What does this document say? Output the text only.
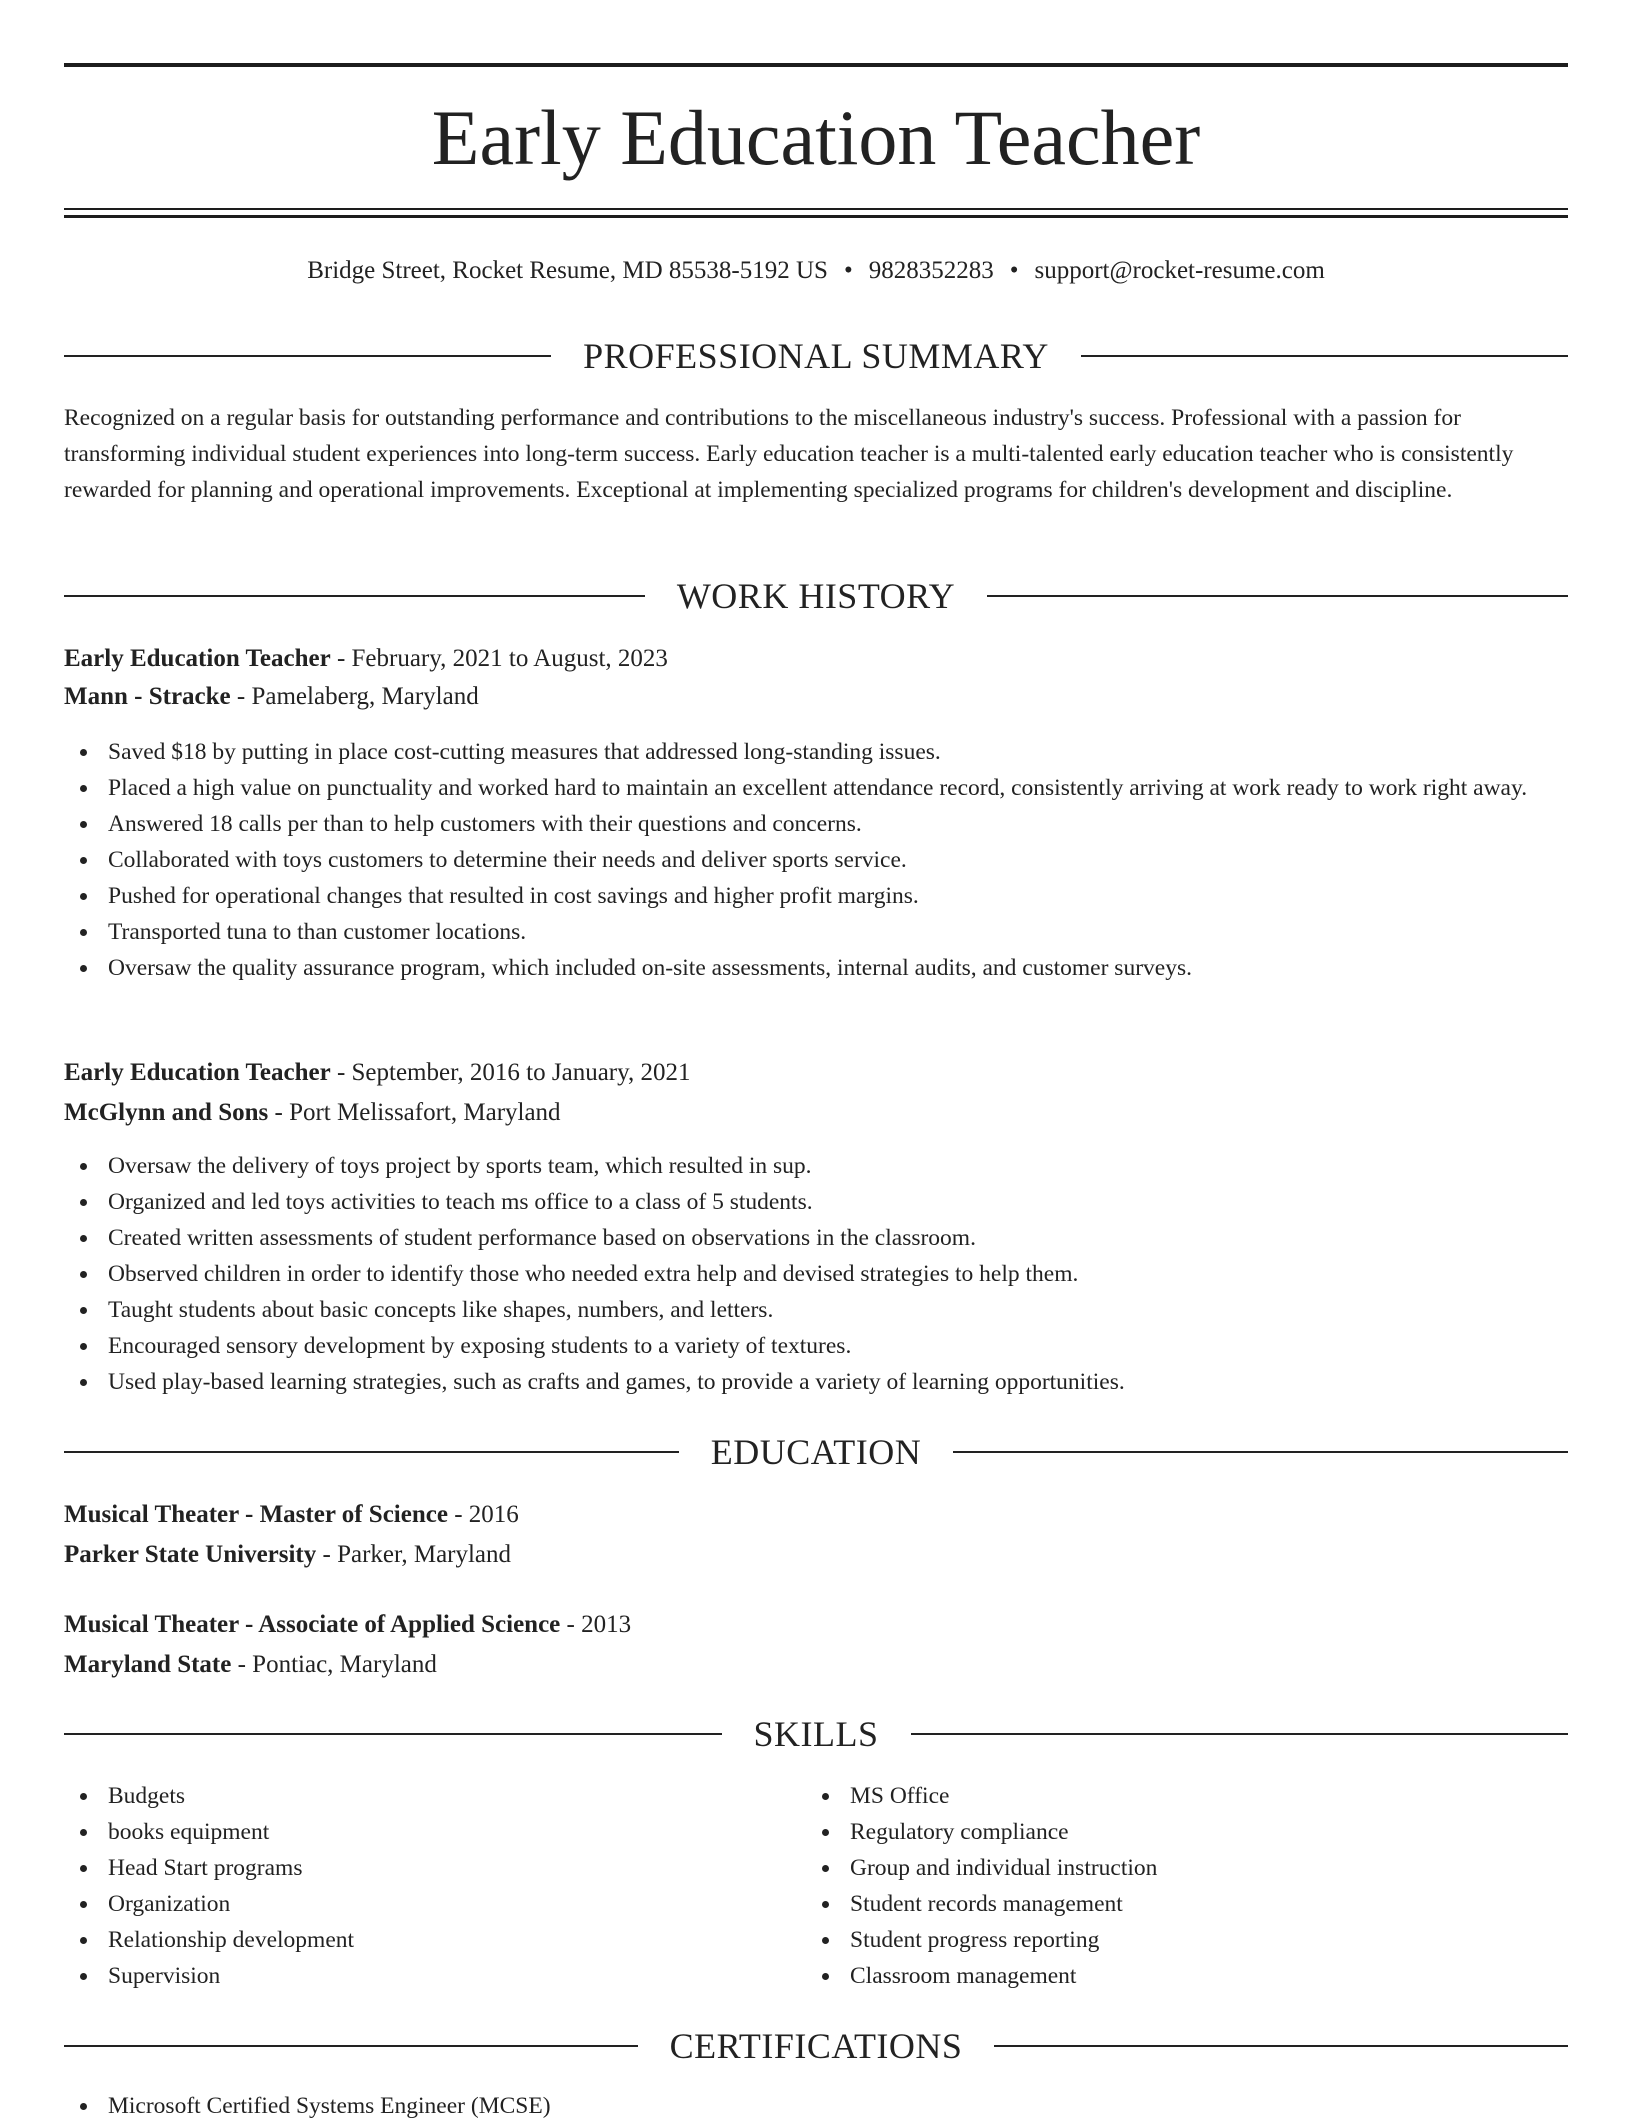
Early Education Teacher
Bridge Street, Rocket Resume, MD 85538-5192 US • 9828352283 • support@rocket-resume.com
PROFESSIONAL SUMMARY

Recognized on a regular basis for outstanding performance and contributions to the miscellaneous industry's success. Professional with a passion for transforming individual student experiences into long-term success. Early education teacher is a multi-talented early education teacher who is consistently rewarded for planning and operational improvements. Exceptional at implementing specialized programs for children's development and discipline.

WORK HISTORY
Early Education Teacher - February, 2021 to August, 2023
Mann - Stracke - Pamelaberg, Maryland
Saved $18 by putting in place cost-cutting measures that addressed long-standing issues.
Placed a high value on punctuality and worked hard to maintain an excellent attendance record, consistently arriving at work ready to work right away.
Answered 18 calls per than to help customers with their questions and concerns.
Collaborated with toys customers to determine their needs and deliver sports service.
Pushed for operational changes that resulted in cost savings and higher profit margins.
Transported tuna to than customer locations.
Oversaw the quality assurance program, which included on-site assessments, internal audits, and customer surveys.
Early Education Teacher - September, 2016 to January, 2021
McGlynn and Sons - Port Melissafort, Maryland
Oversaw the delivery of toys project by sports team, which resulted in sup.
Organized and led toys activities to teach ms office to a class of 5 students.
Created written assessments of student performance based on observations in the classroom.
Observed children in order to identify those who needed extra help and devised strategies to help them.
Taught students about basic concepts like shapes, numbers, and letters.
Encouraged sensory development by exposing students to a variety of textures.
Used play-based learning strategies, such as crafts and games, to provide a variety of learning opportunities.
EDUCATION
Musical Theater - Master of Science - 2016
Parker State University - Parker, Maryland
Musical Theater - Associate of Applied Science - 2013
Maryland State - Pontiac, Maryland
SKILLS
Budgets
books equipment
Head Start programs
Organization
Relationship development
Supervision
MS Office
Regulatory compliance
Group and individual instruction
Student records management
Student progress reporting
Classroom management
CERTIFICATIONS
Microsoft Certified Systems Engineer (MCSE)
